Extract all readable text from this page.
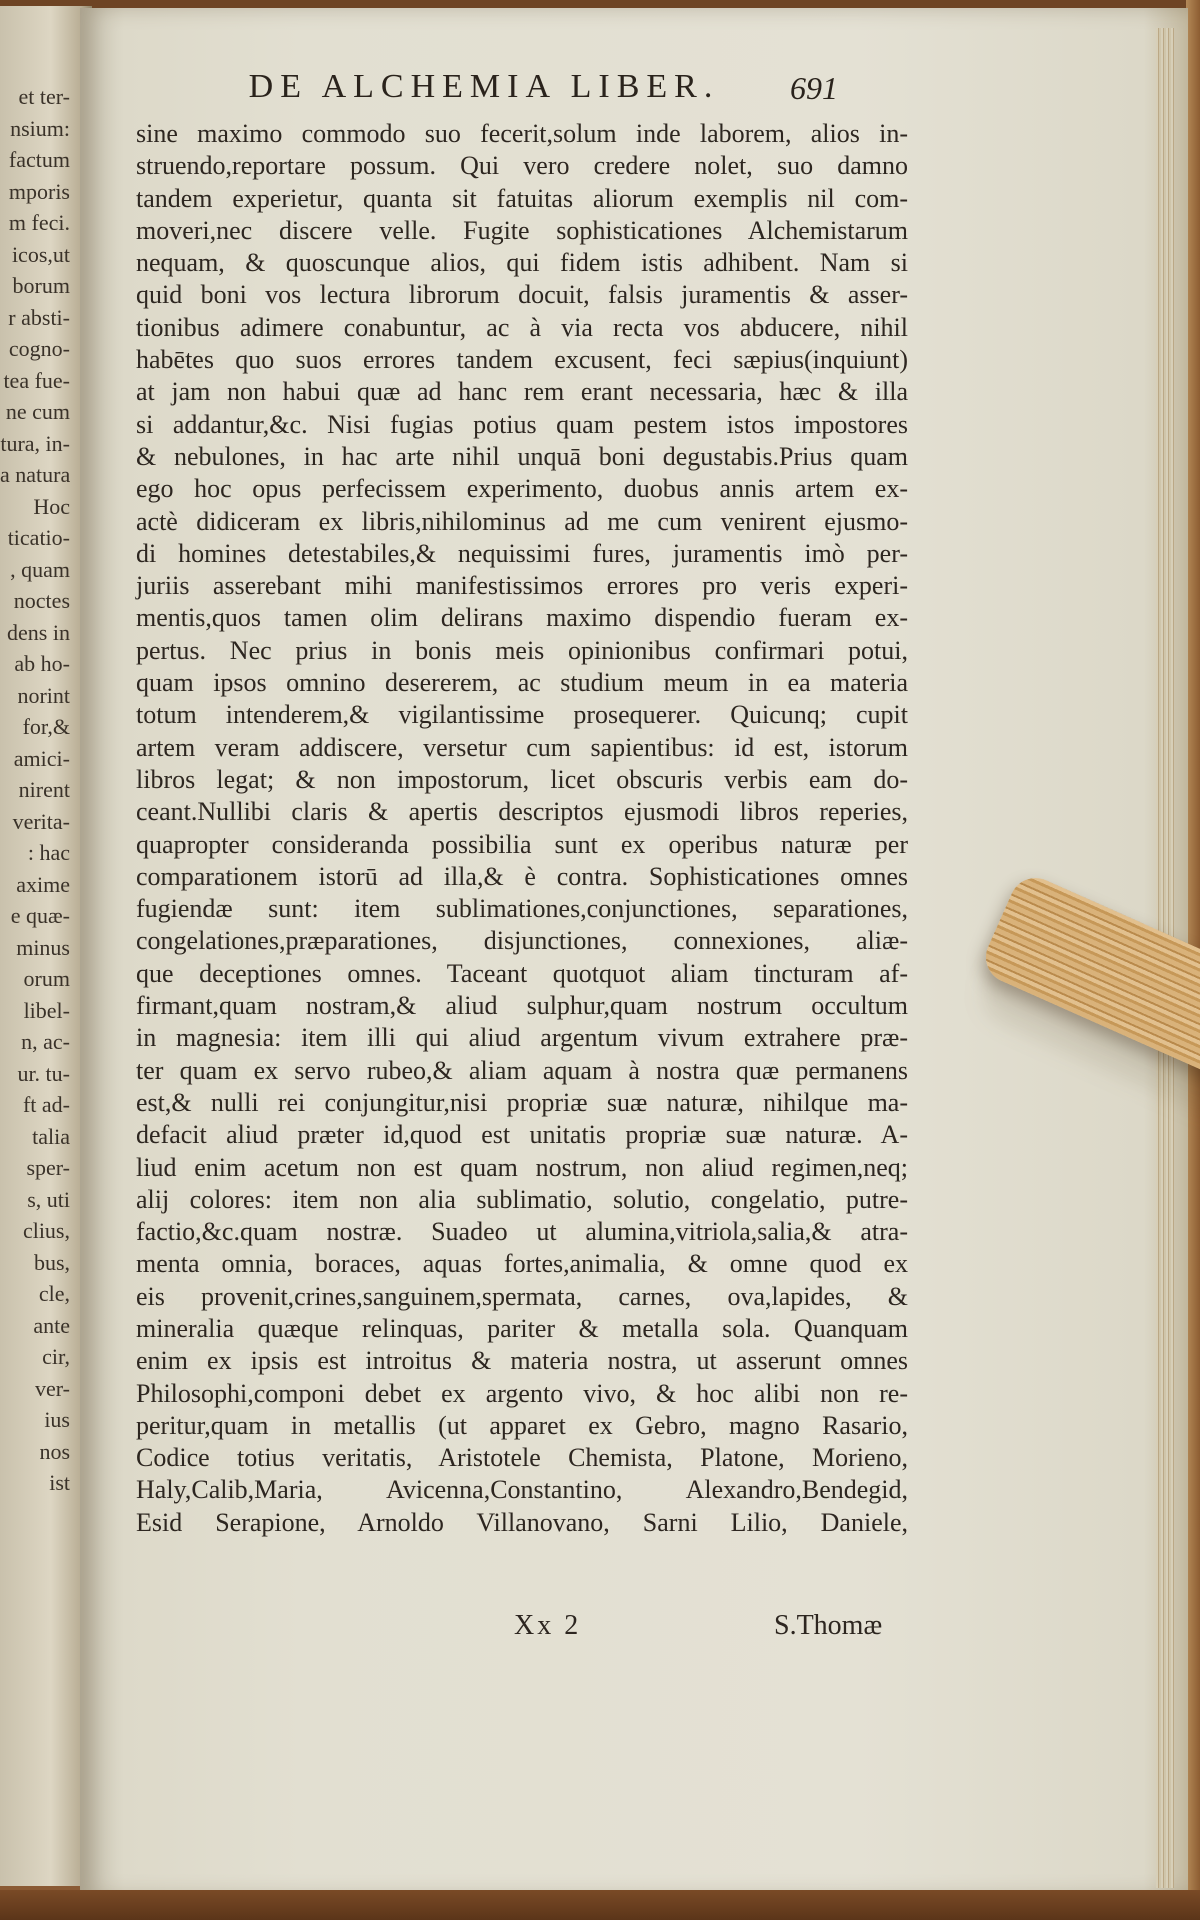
et ter-
nsium:
factum
mporis
m feci.
icos,ut
borum
r absti-
cogno-
tea fue-
ne cum
tura, in-
a natura
Hoc
ticatio-
, quam
noctes
dens in
ab ho-
norint
for,&
amici-
nirent
verita-
: hac
axime
e quæ-
minus
orum
libel-
n, ac-
ur. tu-
ft ad-
talia
sper-
s, uti
clius,
bus,
cle,
ante
cir,
ver-
ius
nos
ist
DE ALCHEMIA LIBER.	691
sine maximo commodo suo fecerit,solum inde laborem, alios in-
struendo,reportare possum. Qui vero credere nolet, suo damno
tandem experietur, quanta sit fatuitas aliorum exemplis nil com-
moveri,nec discere velle. Fugite sophisticationes Alchemistarum
nequam, & quoscunque alios, qui fidem istis adhibent. Nam si
quid boni vos lectura librorum docuit, falsis juramentis & asser-
tionibus adimere conabuntur, ac à via recta vos abducere, nihil
habētes quo suos errores tandem excusent, feci sæpius(inquiunt)
at jam non habui quæ ad hanc rem erant necessaria, hæc & illa
si addantur,&c. Nisi fugias potius quam pestem istos impostores
& nebulones, in hac arte nihil unquā boni degustabis.Prius quam
ego hoc opus perfecissem experimento, duobus annis artem ex-
actè didiceram ex libris,nihilominus ad me cum venirent ejusmo-
di homines detestabiles,& nequissimi fures, juramentis imò per-
juriis asserebant mihi manifestissimos errores pro veris experi-
mentis,quos tamen olim delirans maximo dispendio fueram ex-
pertus. Nec prius in bonis meis opinionibus confirmari potui,
quam ipsos omnino desererem, ac studium meum in ea materia
totum intenderem,& vigilantissime prosequerer. Quicunq; cupit
artem veram addiscere, versetur cum sapientibus: id est, istorum
libros legat; & non impostorum, licet obscuris verbis eam do-
ceant.Nullibi claris & apertis descriptos ejusmodi libros reperies,
quapropter consideranda possibilia sunt ex operibus naturæ per
comparationem istorū ad illa,& è contra. Sophisticationes omnes
fugiendæ sunt: item sublimationes,conjunctiones, separationes,
congelationes,præparationes, disjunctiones, connexiones, aliæ-
que deceptiones omnes. Taceant quotquot aliam tincturam af-
firmant,quam nostram,& aliud sulphur,quam nostrum occultum
in magnesia: item illi qui aliud argentum vivum extrahere præ-
ter quam ex servo rubeo,& aliam aquam à nostra quæ permanens
est,& nulli rei conjungitur,nisi propriæ suæ naturæ, nihilque ma-
defacit aliud præter id,quod est unitatis propriæ suæ naturæ. A-
liud enim acetum non est quam nostrum, non aliud regimen,neq;
alij colores: item non alia sublimatio, solutio, congelatio, putre-
factio,&c.quam nostræ. Suadeo ut alumina,vitriola,salia,& atra-
menta omnia, boraces, aquas fortes,animalia, & omne quod ex
eis provenit,crines,sanguinem,spermata, carnes, ova,lapides, &
mineralia quæque relinquas, pariter & metalla sola. Quanquam
enim ex ipsis est introitus & materia nostra, ut asserunt omnes
Philosophi,componi debet ex argento vivo, & hoc alibi non re-
peritur,quam in metallis (ut apparet ex Gebro, magno Rasario,
Codice totius veritatis, Aristotele Chemista, Platone, Morieno,
Haly,Calib,Maria, Avicenna,Constantino, Alexandro,Bendegid,
Esid Serapione, Arnoldo Villanovano, Sarni Lilio, Daniele,
Xx 2	S.Thomæ
